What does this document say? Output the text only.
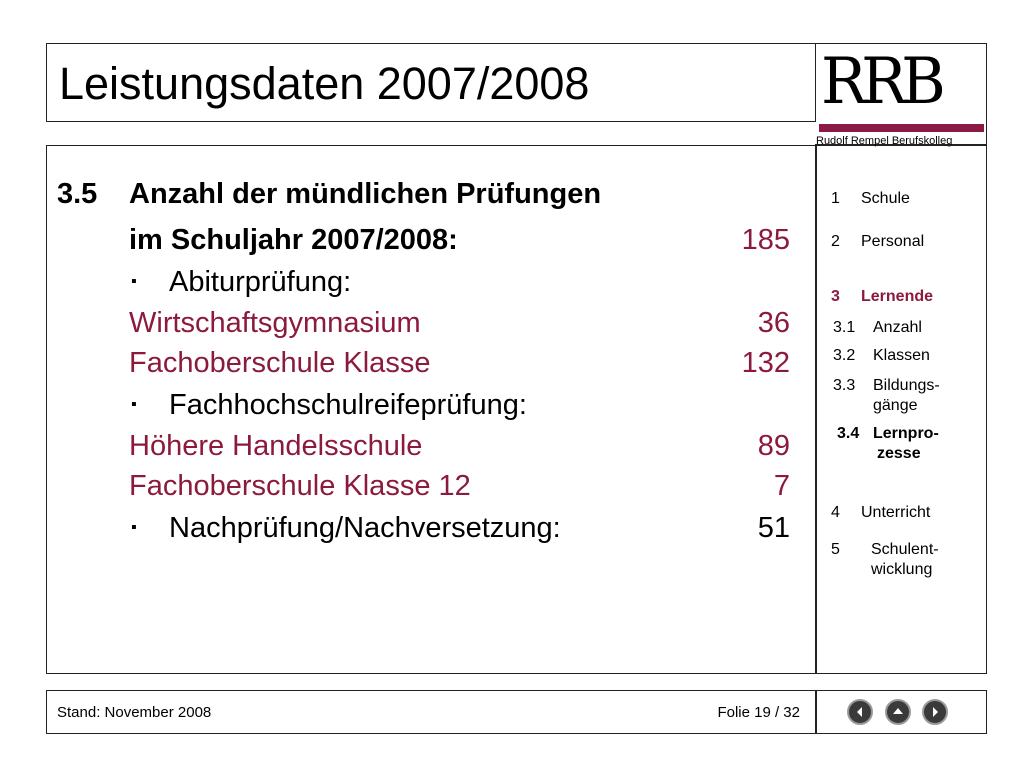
Leistungsdaten 2007/2008	RRB
Rudolf Rempel Berufskolleg
3.5 Anzahl der mündlichen Prüfungen
im Schuljahr 2007/2008:	185
▪ Abiturprüfung:
Wirtschaftsgymnasium	36
Fachoberschule Klasse	132
▪ Fachhochschulreifeprüfung:
Höhere Handelsschule	89
Fachoberschule Klasse 12	7
▪ Nachprüfung/Nachversetzung:	51
1 Schule
2 Personal
3 Lernende
3.1 Anzahl
3.2 Klassen
3.3 Bildungs-
gänge
3.4 Lernpro-
zesse
4 Unterricht
5 Schulent-
wicklung
Stand: November 2008	Folie 19 / 32
